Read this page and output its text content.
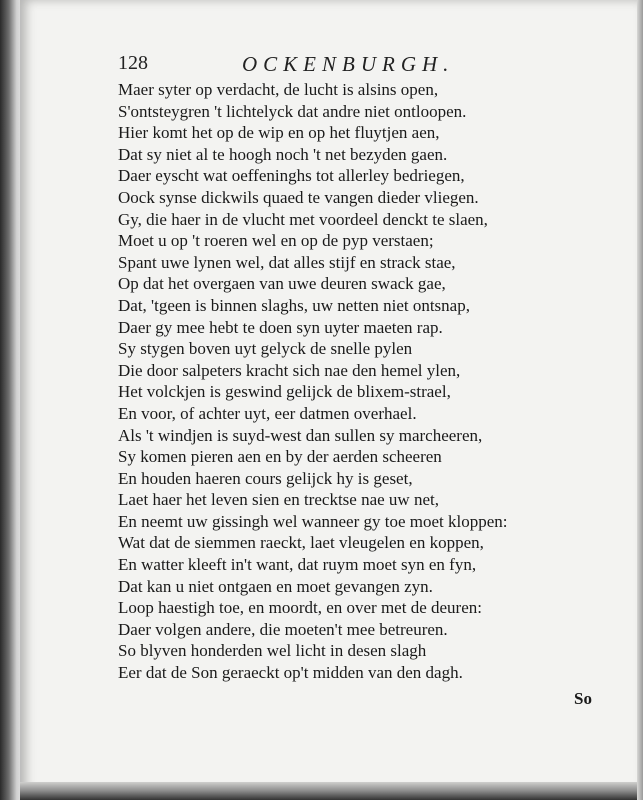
128	OCKENBURGH.
Maer syter op verdacht, de lucht is alsins open,
S'ontsteygren 't lichtelyck dat andre niet ontloopen.
Hier komt het op de wip en op het fluytjen aen,
Dat sy niet al te hoogh noch 't net bezyden gaen.
Daer eyscht wat oeffeninghs tot allerley bedriegen,
Oock synse dickwils quaed te vangen dieder vliegen.
Gy, die haer in de vlucht met voordeel denckt te slaen,
Moet u op 't roeren wel en op de pyp verstaen;
Spant uwe lynen wel, dat alles stijf en strack stae,
Op dat het overgaen van uwe deuren swack gae,
Dat, 'tgeen is binnen slaghs, uw netten niet ontsnap,
Daer gy mee hebt te doen syn uyter maeten rap.
Sy stygen boven uyt gelyck de snelle pylen
Die door salpeters kracht sich nae den hemel ylen,
Het volckjen is geswind gelijck de blixem-strael,
En voor, of achter uyt, eer datmen overhael.
Als 't windjen is suyd-west dan sullen sy marcheeren,
Sy komen pieren aen en by der aerden scheeren
En houden haeren cours gelijck hy is geset,
Laet haer het leven sien en trecktse nae uw net,
En neemt uw gissingh wel wanneer gy toe moet kloppen:
Wat dat de siemmen raeckt, laet vleugelen en koppen,
En watter kleeft in't want, dat ruym moet syn en fyn,
Dat kan u niet ontgaen en moet gevangen zyn.
Loop haestigh toe, en moordt, en over met de deuren:
Daer volgen andere, die moeten't mee betreuren.
So blyven honderden wel licht in desen slagh
Eer dat de Son geraeckt op't midden van den dagh.
So
